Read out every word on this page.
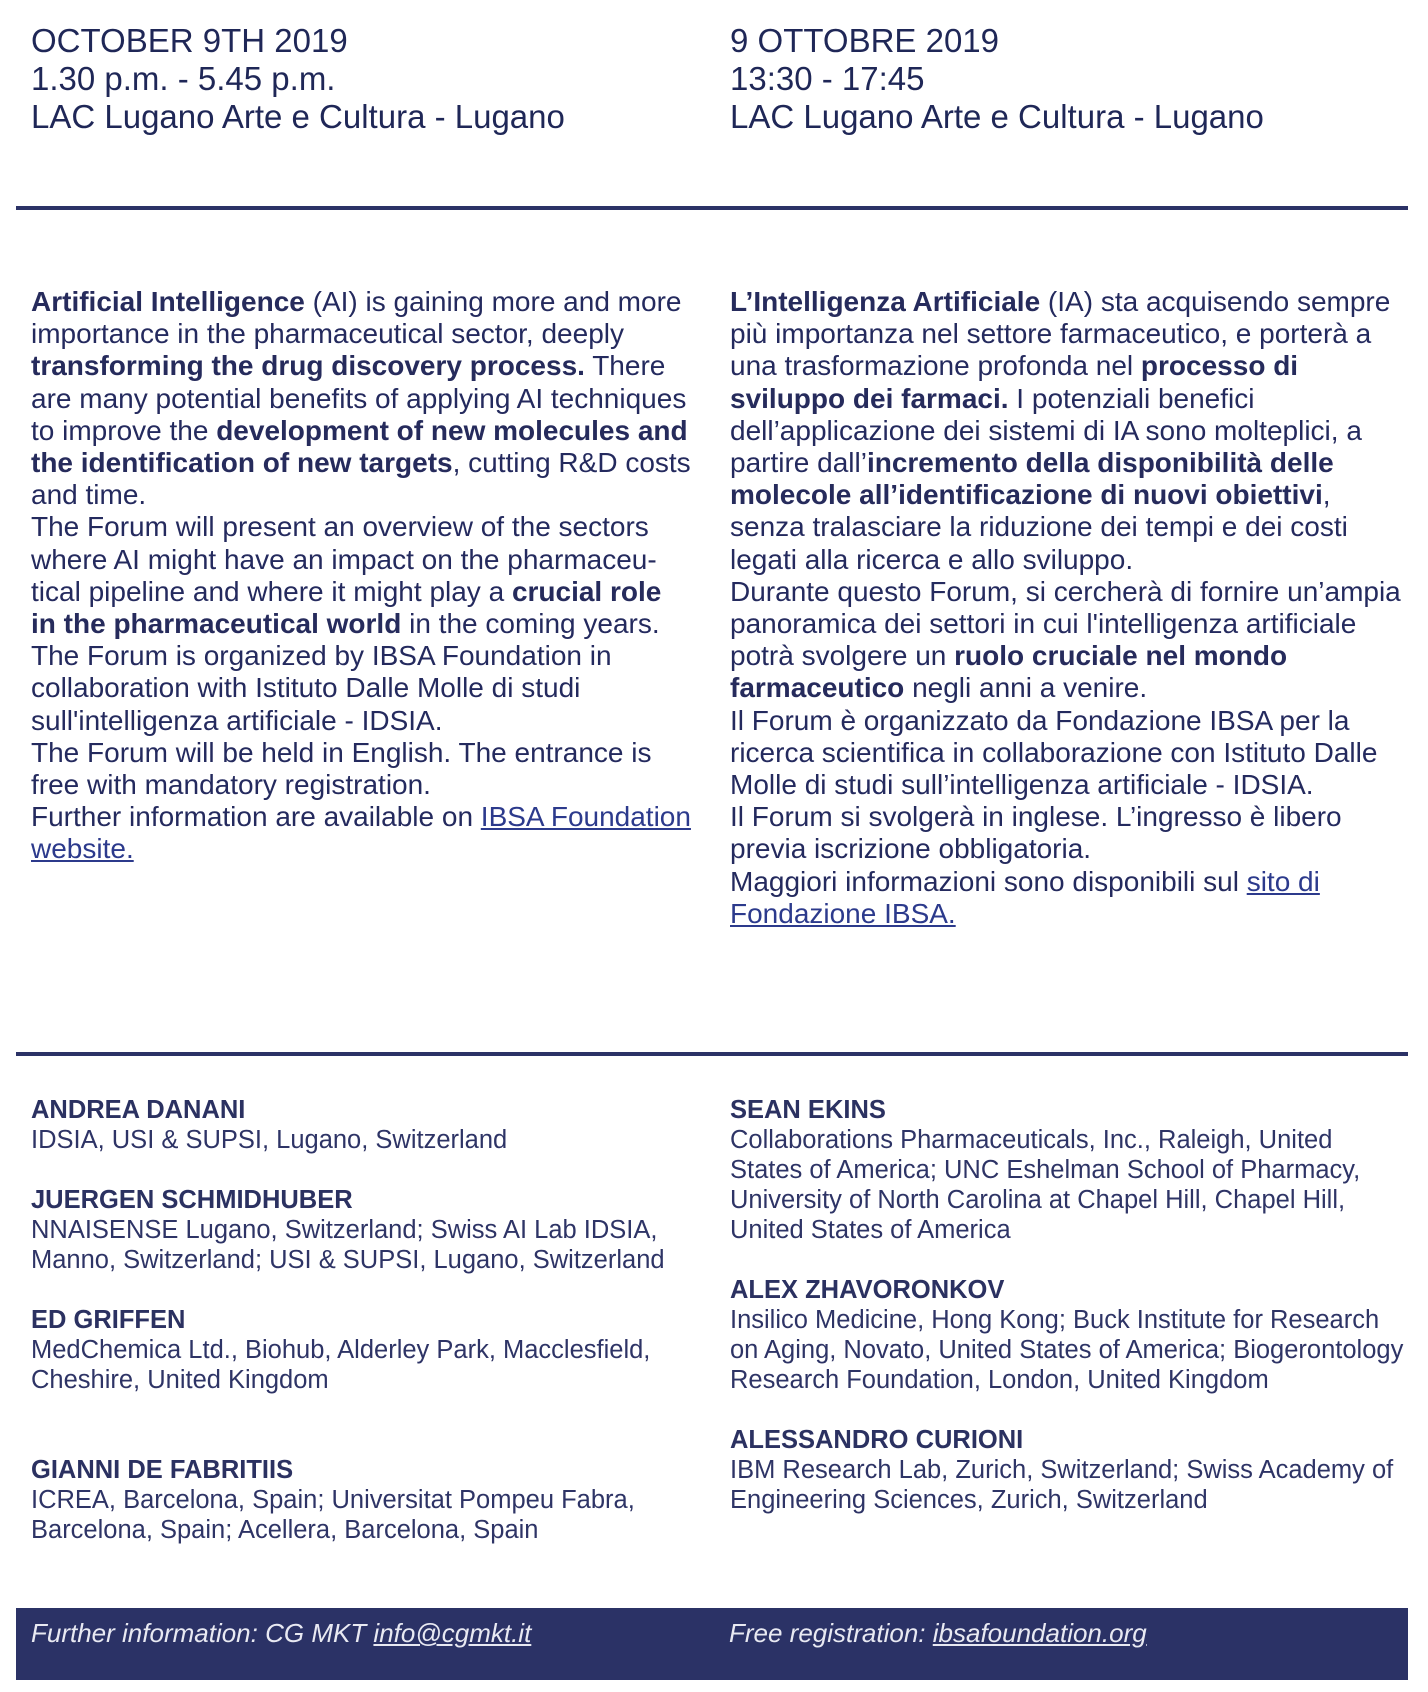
OCTOBER 9TH 2019
1.30 p.m. - 5.45 p.m.
LAC Lugano Arte e Cultura - Lugano
9 OTTOBRE 2019
13:30 - 17:45
LAC Lugano Arte e Cultura - Lugano

Artificial Intelligence (AI) is gaining more and more importance in the pharmaceutical sector, deeply transforming the drug discovery process. There are many potential benefits of applying AI techniques to improve the development of new molecules and the identification of new targets, cutting R&D costs and time.

The Forum will present an overview of the sectors where AI might have an impact on the pharmaceu-tical pipeline and where it might play a crucial role in the pharmaceutical world in the coming years.

The Forum is organized by IBSA Foundation in collaboration with Istituto Dalle Molle di studi sull'intelligenza artificiale - IDSIA.

The Forum will be held in English. The entrance is free with mandatory registration.

Further information are available on IBSA Foundation website.

L’Intelligenza Artificiale (IA) sta acquisendo sempre più importanza nel settore farmaceutico, e porterà a una trasformazione profonda nel processo di sviluppo dei farmaci. I potenziali benefici dell’applicazione dei sistemi di IA sono molteplici, a partire dall’incremento della disponibilità delle molecole all’identificazione di nuovi obiettivi, senza tralasciare la riduzione dei tempi e dei costi legati alla ricerca e allo sviluppo.

Durante questo Forum, si cercherà di fornire un’ampia panoramica dei settori in cui l'intelligenza artificiale potrà svolgere un ruolo cruciale nel mondo farmaceutico negli anni a venire.

Il Forum è organizzato da Fondazione IBSA per la ricerca scientifica in collaborazione con Istituto Dalle Molle di studi sull’intelligenza artificiale - IDSIA.

Il Forum si svolgerà in inglese. L’ingresso è libero previa iscrizione obbligatoria.

Maggiori informazioni sono disponibili sul sito di Fondazione IBSA.

ANDREA DANANI
IDSIA, USI & SUPSI, Lugano, Switzerland
JUERGEN SCHMIDHUBER
NNAISENSE Lugano, Switzerland; Swiss AI Lab IDSIA, Manno, Switzerland; USI & SUPSI, Lugano, Switzerland
ED GRIFFEN
MedChemica Ltd., Biohub, Alderley Park, Macclesfield, Cheshire, United Kingdom
GIANNI DE FABRITIIS
ICREA, Barcelona, Spain; Universitat Pompeu Fabra, Barcelona, Spain; Acellera, Barcelona, Spain
SEAN EKINS
Collaborations Pharmaceuticals, Inc., Raleigh, United States of America; UNC Eshelman School of Pharmacy, University of North Carolina at Chapel Hill, Chapel Hill, United States of America
ALEX ZHAVORONKOV
Insilico Medicine, Hong Kong; Buck Institute for Research on Aging, Novato, United States of America; Biogerontology Research Foundation, London, United Kingdom
ALESSANDRO CURIONI
IBM Research Lab, Zurich, Switzerland; Swiss Academy of Engineering Sciences, Zurich, Switzerland
Further information: CG MKT info@cgmkt.it	Free registration: ibsafoundation.org
